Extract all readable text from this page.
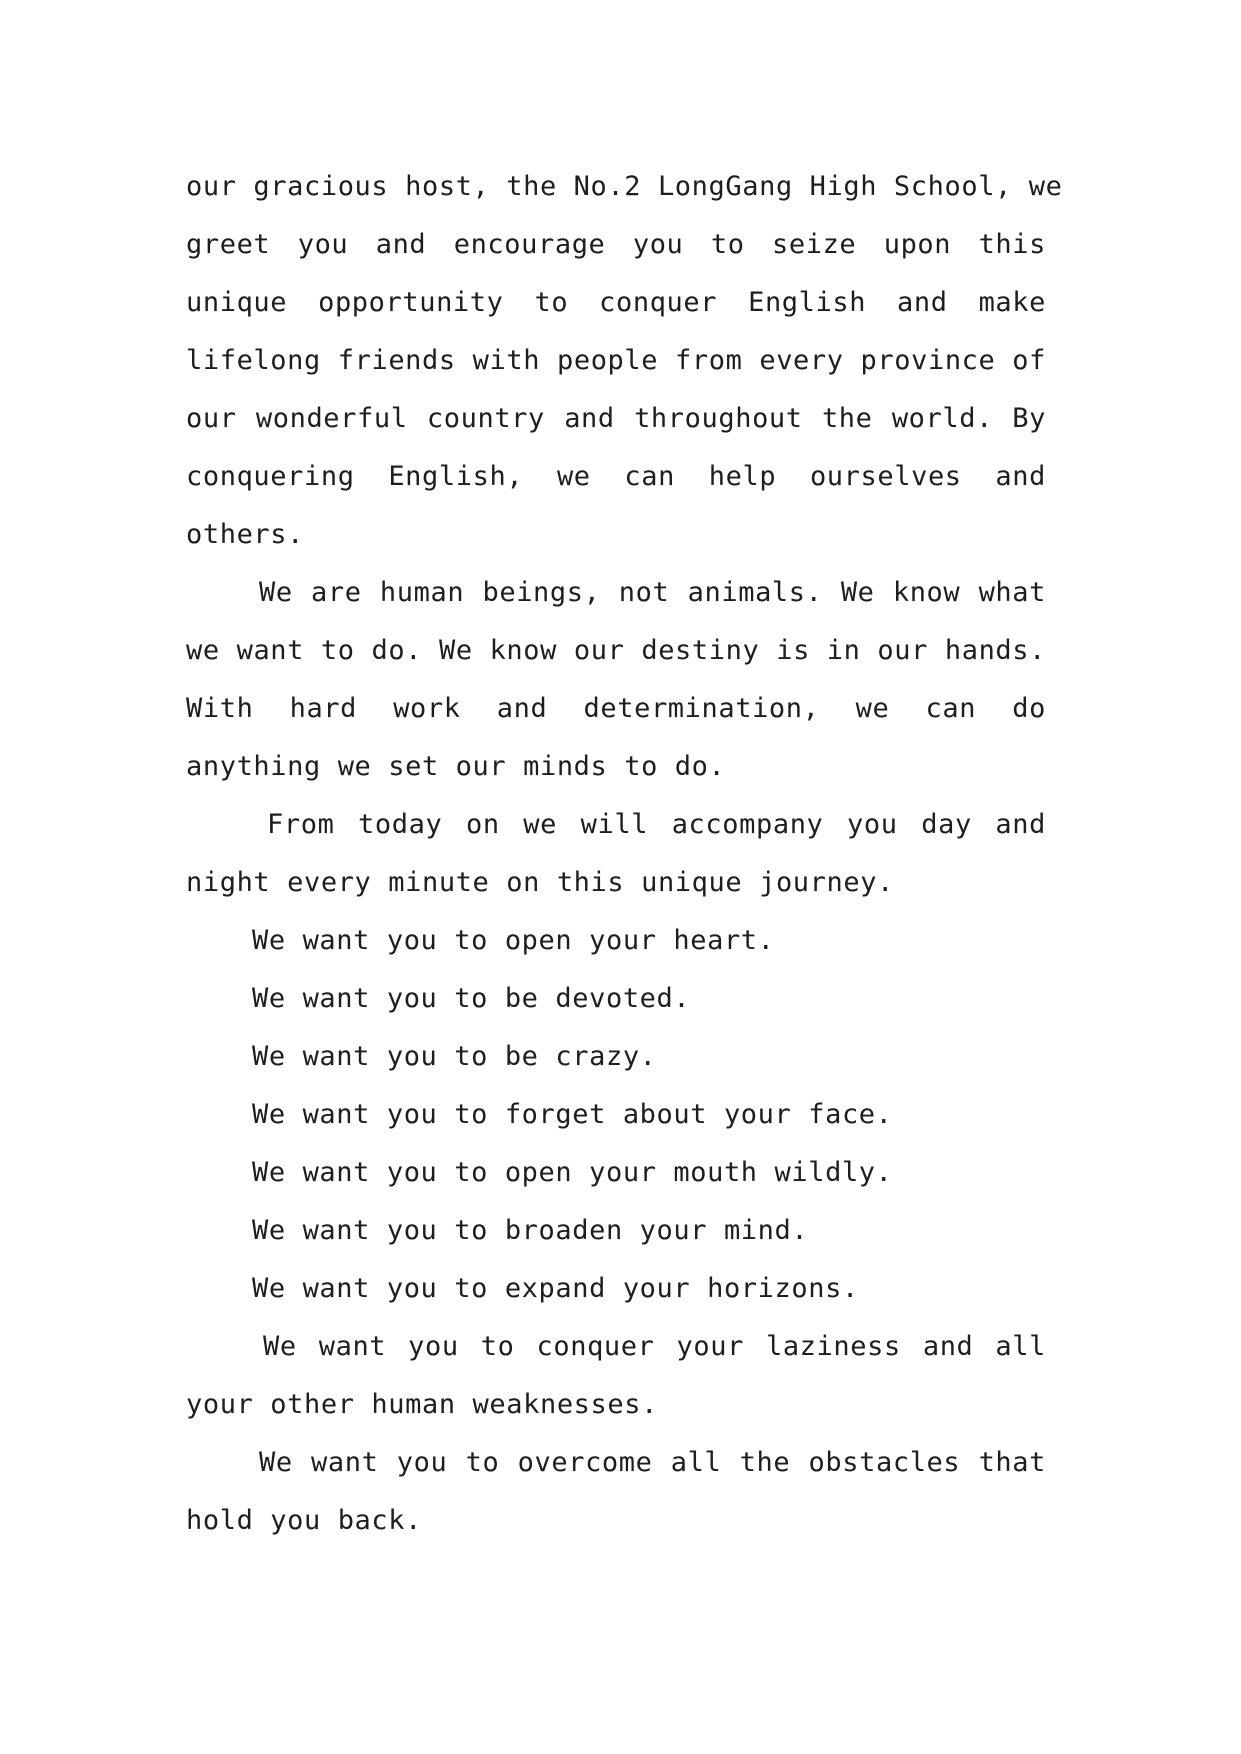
our gracious host, the No.2 LongGang High School, we
greet you and encourage you to seize upon this
unique opportunity to conquer English and make
lifelong friends with people from every province of
our wonderful country and throughout the world. By
conquering English, we can help ourselves and
others.
We are human beings, not animals. We know what
we want to do. We know our destiny is in our hands.
With hard work and determination, we can do
anything we set our minds to do.
From today on we will accompany you day and
night every minute on this unique journey.
We want you to open your heart.
We want you to be devoted.
We want you to be crazy.
We want you to forget about your face.
We want you to open your mouth wildly.
We want you to broaden your mind.
We want you to expand your horizons.
We want you to conquer your laziness and all
your other human weaknesses.
We want you to overcome all the obstacles that
hold you back.
